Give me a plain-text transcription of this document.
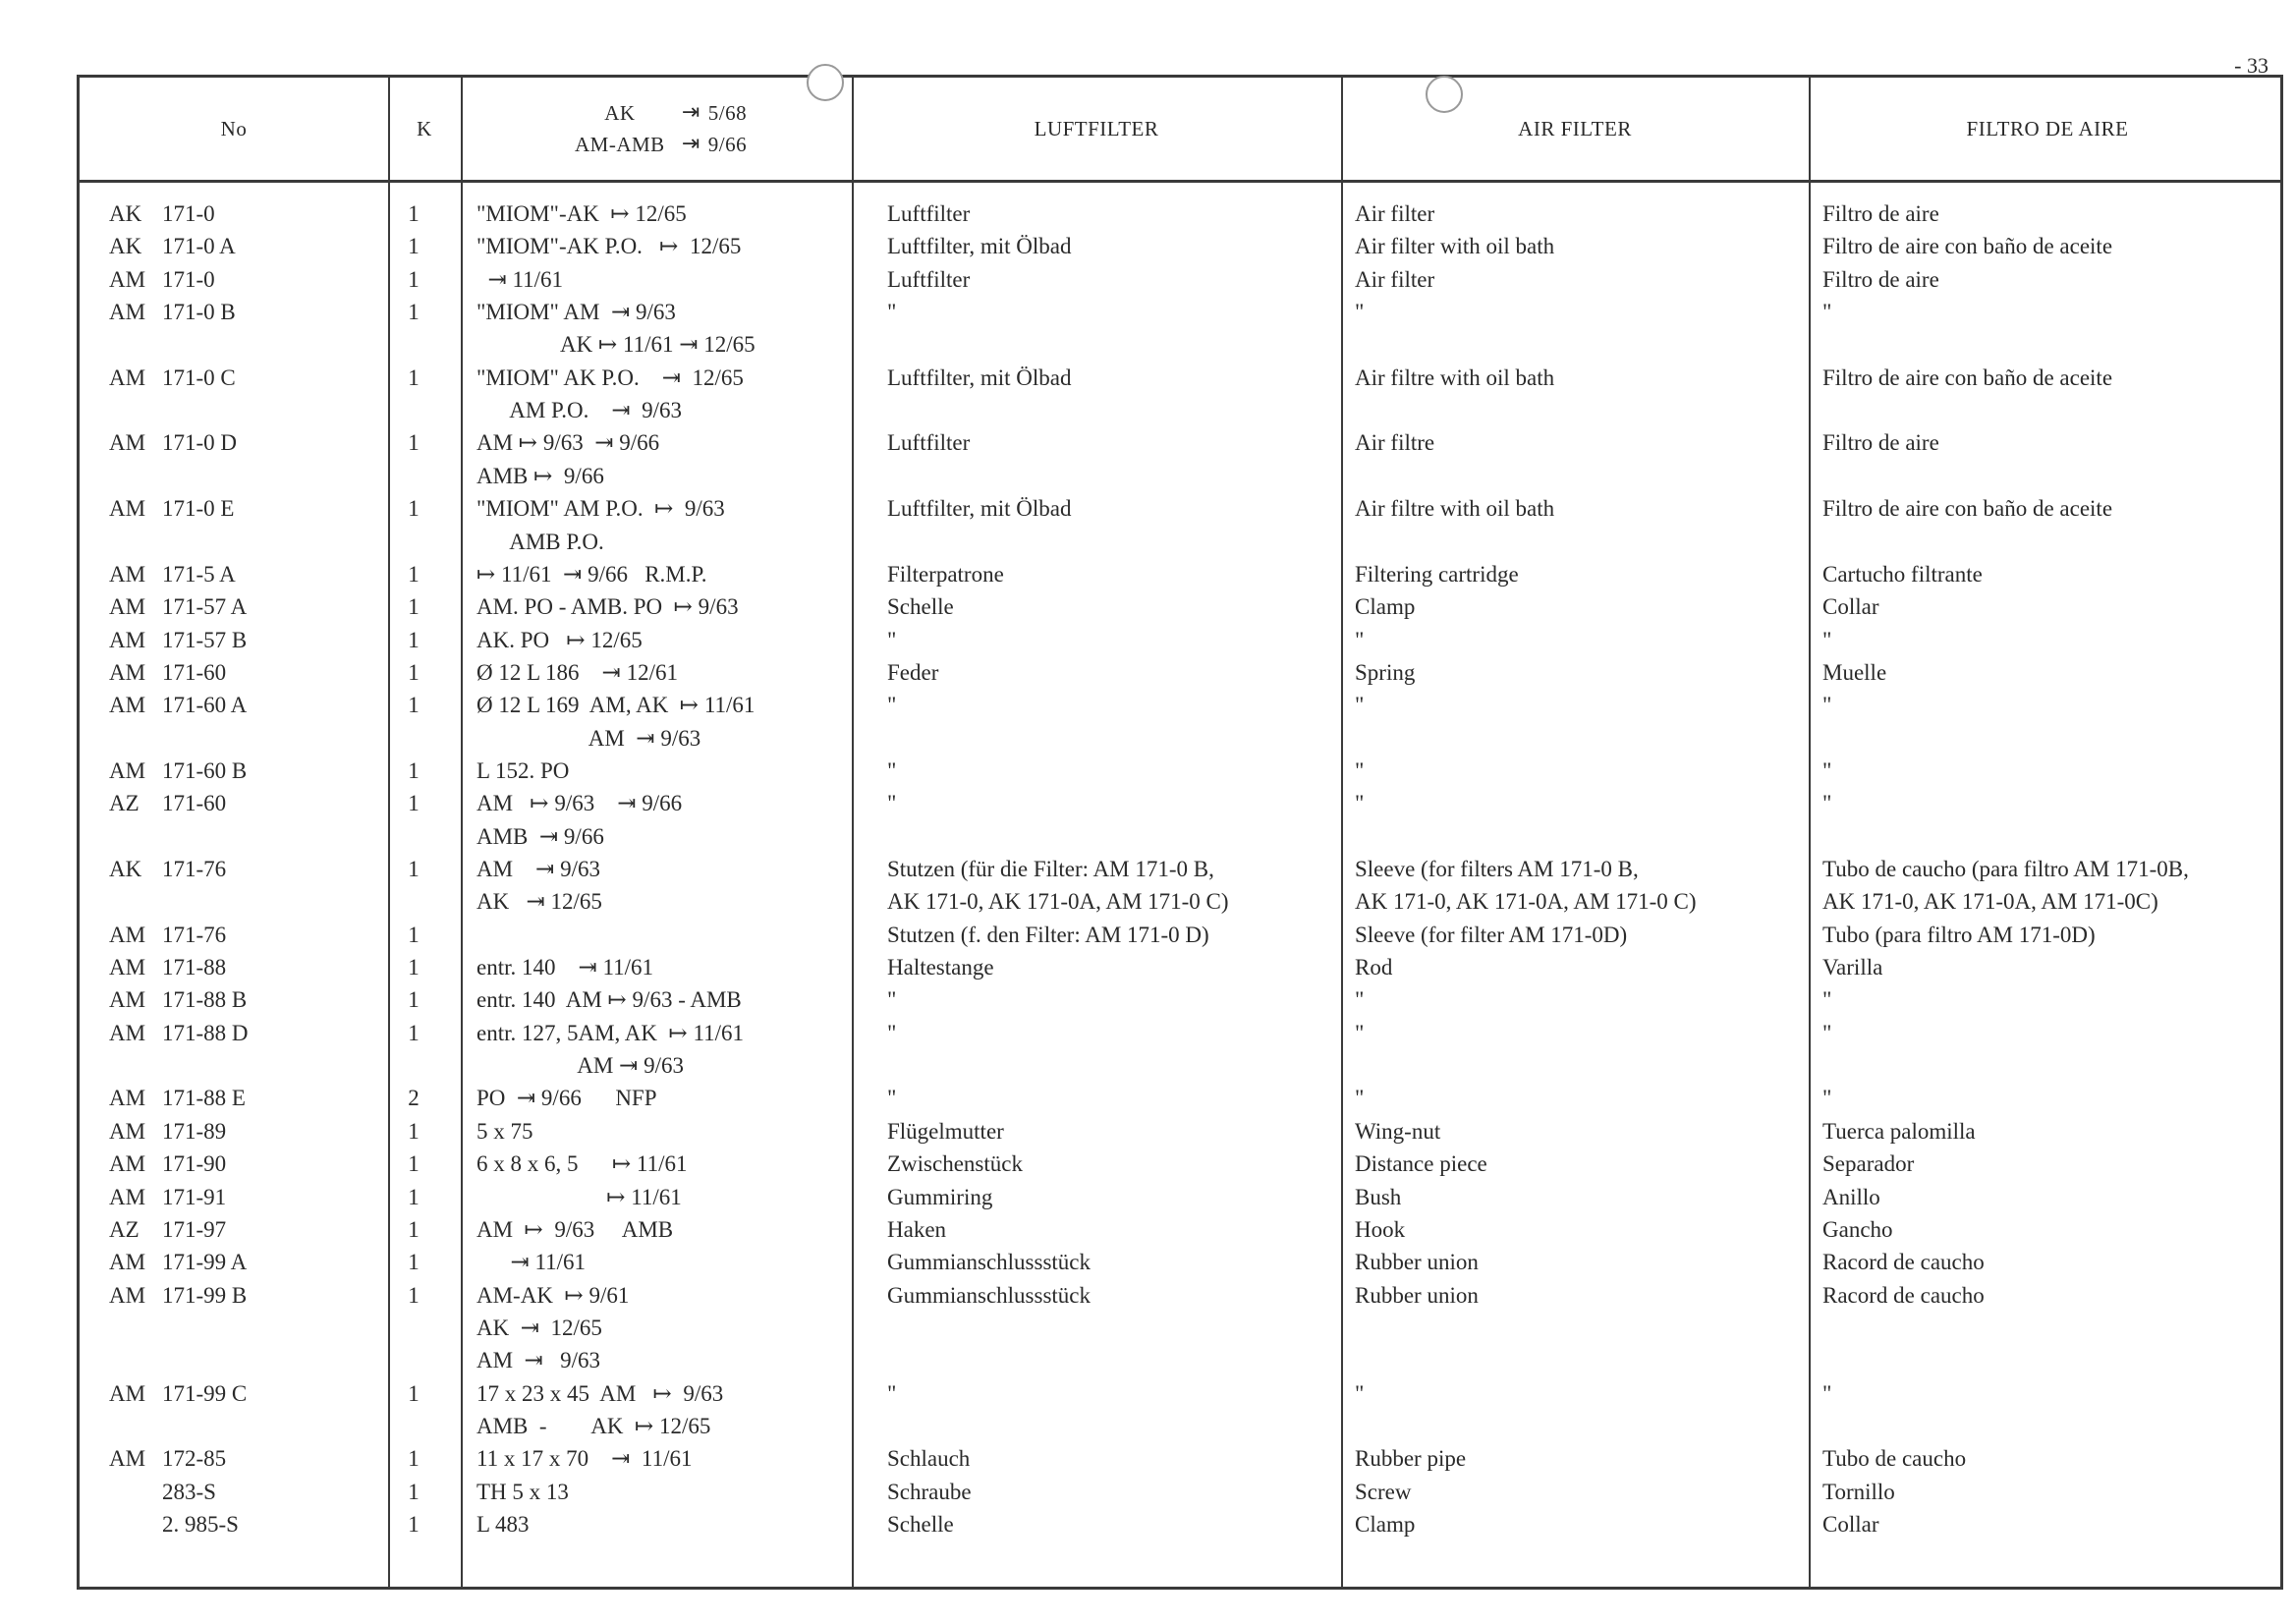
- 33
No	K
AK	⇥ 5/68
AM-AMB ⇥ 9/66
LUFTFILTER	AIR FILTER	FILTRO DE AIRE
AK 171-0	1	"MIOM"-AK  ↦ 12/65	Luftfilter	Air filter	Filtro de aire
AK 171-0 A	1	"MIOM"-AK P.O.   ↦  12/65	Luftfilter, mit Ölbad	Air filter with oil bath	Filtro de aire con baño de aceite
AM 171-0	1	⇥ 11/61	Luftfilter	Air filter	Filtro de aire
AM 171-0 B	1	"MIOM" AM  ⇥ 9/63	"	"	"
AK ↦ 11/61 ⇥ 12/65
AM 171-0 C	1	"MIOM" AK P.O.    ⇥  12/65	Luftfilter, mit Ölbad	Air filtre with oil bath	Filtro de aire con baño de aceite
AM P.O.    ⇥  9/63
AM 171-0 D	1	AM ↦ 9/63  ⇥ 9/66	Luftfilter	Air filtre	Filtro de aire
AMB ↦  9/66
AM 171-0 E	1	"MIOM" AM P.O.  ↦  9/63	Luftfilter, mit Ölbad	Air filtre with oil bath	Filtro de aire con baño de aceite
AMB P.O.
AM 171-5 A	1	↦ 11/61  ⇥ 9/66   R.M.P.	Filterpatrone	Filtering cartridge	Cartucho filtrante
AM 171-57 A	1	AM. PO - AMB. PO  ↦ 9/63	Schelle	Clamp	Collar
AM 171-57 B	1	AK. PO   ↦ 12/65	"	"	"
AM 171-60	1	Ø 12 L 186    ⇥ 12/61	Feder	Spring	Muelle
AM 171-60 A	1	Ø 12 L 169  AM, AK  ↦ 11/61	"	"	"
AM  ⇥ 9/63
AM 171-60 B	1	L 152. PO	"	"	"
AZ 171-60	1	AM   ↦ 9/63    ⇥ 9/66	"	"	"
AMB  ⇥ 9/66
AK 171-76	1	AM    ⇥ 9/63	Stutzen (für die Filter: AM 171-0 B,	Sleeve (for filters AM 171-0 B,	Tubo de caucho (para filtro AM 171-0B,
AK   ⇥ 12/65	AK 171-0, AK 171-0A, AM 171-0 C)	AK 171-0, AK 171-0A, AM 171-0 C)	AK 171-0, AK 171-0A, AM 171-0C)
AM 171-76	1	Stutzen (f. den Filter: AM 171-0 D)	Sleeve (for filter AM 171-0D)	Tubo (para filtro AM 171-0D)
AM 171-88	1	entr. 140    ⇥ 11/61	Haltestange	Rod	Varilla
AM 171-88 B	1	entr. 140  AM ↦ 9/63 - AMB	"	"	"
AM 171-88 D	1	entr. 127, 5AM, AK  ↦ 11/61	"	"	"
AM ⇥ 9/63
AM 171-88 E	2	PO  ⇥ 9/66      NFP	"	"	"
AM 171-89	1	5 x 75	Flügelmutter	Wing-nut	Tuerca palomilla
AM 171-90	1	6 x 8 x 6, 5      ↦ 11/61	Zwischenstück	Distance piece	Separador
AM 171-91	1	↦ 11/61	Gummiring	Bush	Anillo
AZ 171-97	1	AM  ↦  9/63     AMB	Haken	Hook	Gancho
AM 171-99 A	1	⇥ 11/61	Gummianschlussstück	Rubber union	Racord de caucho
AM 171-99 B	1	AM-AK  ↦ 9/61	Gummianschlussstück	Rubber union	Racord de caucho
AK  ⇥  12/65
AM  ⇥   9/63
AM 171-99 C	1	17 x 23 x 45  AM   ↦  9/63	"	"	"
AMB  -        AK  ↦ 12/65
AM 172-85	1	11 x 17 x 70    ⇥  11/61	Schlauch	Rubber pipe	Tubo de caucho
283-S	1	TH 5 x 13	Schraube	Screw	Tornillo
2. 985-S	1	L 483	Schelle	Clamp	Collar
